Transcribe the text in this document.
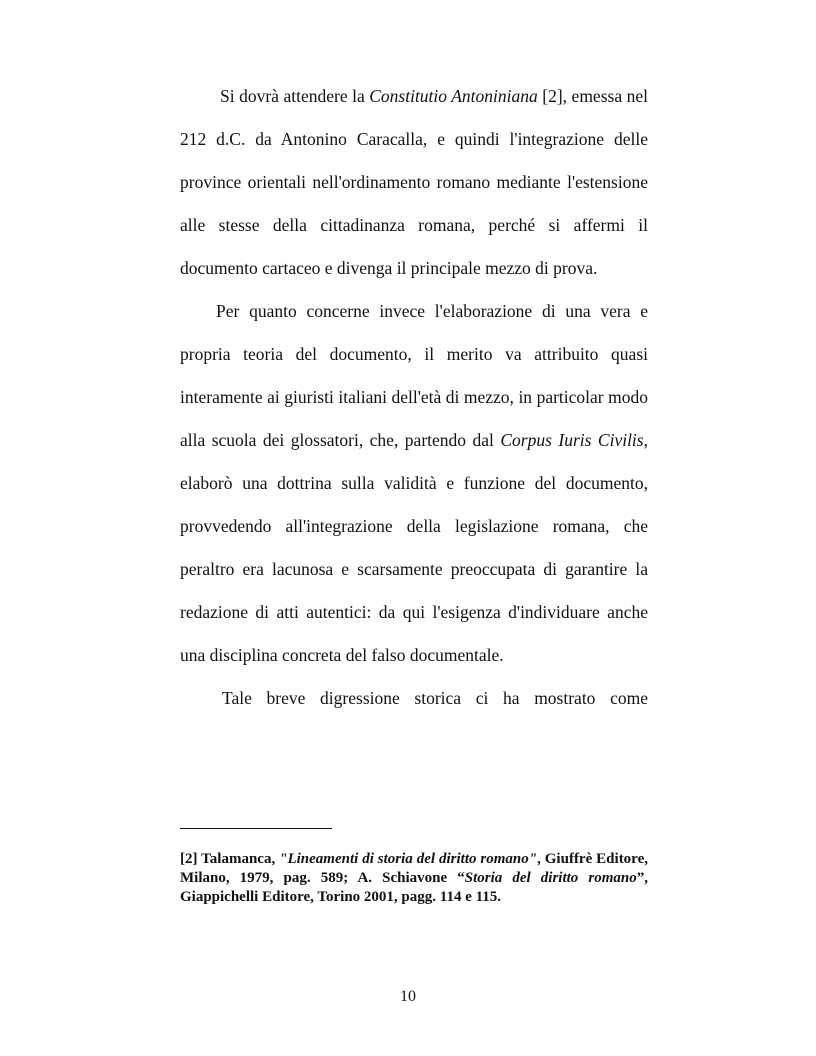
Si dovrà attendere la Constitutio Antoniniana [2], emessa nel 212 d.C. da Antonino Caracalla, e quindi l'integrazione delle province orientali nell'ordinamento romano mediante l'estensione alle stesse della cittadinanza romana, perché si affermi il documento cartaceo e divenga il principale mezzo di prova.

Per quanto concerne invece l'elaborazione di una vera e propria teoria del documento, il merito va attribuito quasi interamente ai giuristi italiani dell'età di mezzo, in particolar modo alla scuola dei glossatori, che, partendo dal Corpus Iuris Civilis, elaborò una dottrina sulla validità e funzione del documento, provvedendo all'integrazione della legislazione romana, che peraltro era lacunosa e scarsamente preoccupata di garantire la redazione di atti autentici: da qui l'esigenza d'individuare anche una disciplina concreta del falso documentale.

Tale breve digressione storica ci ha mostrato come

[2] Talamanca, "Lineamenti di storia del diritto romano", Giuffrè Editore, Milano, 1979, pag. 589; A. Schiavone “Storia del diritto romano”, Giappichelli Editore, Torino 2001, pagg. 114 e 115.
10
